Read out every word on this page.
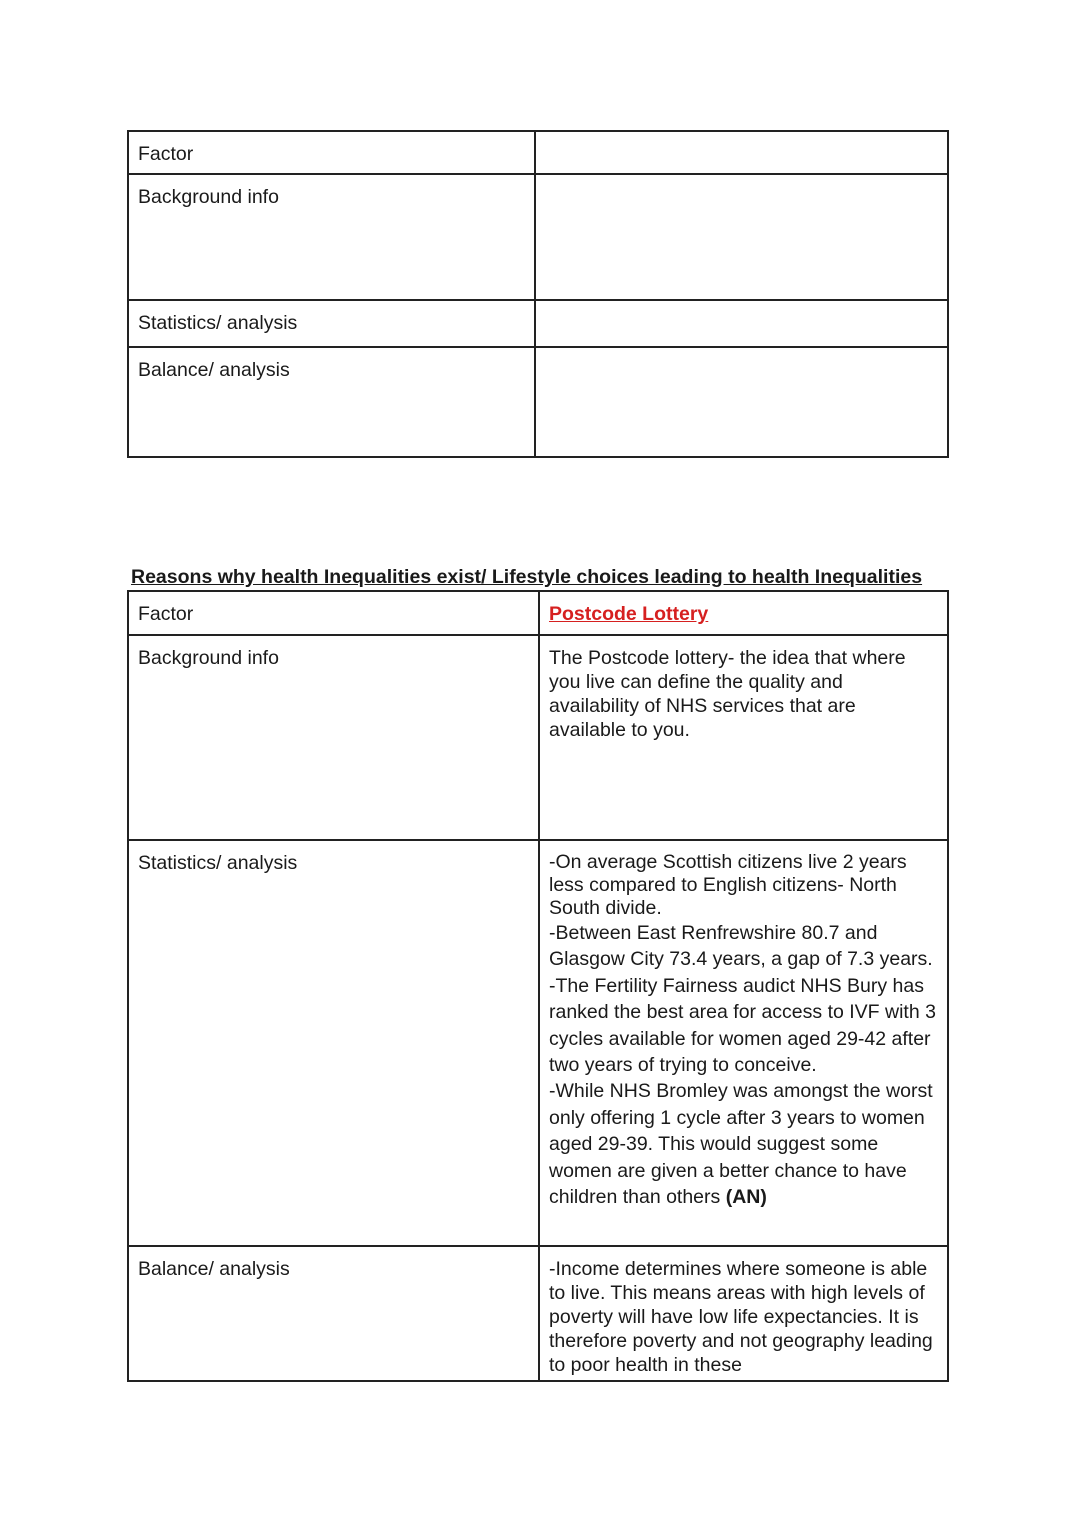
Factor	
Background info	
Statistics/ analysis	
Balance/ analysis	
Reasons why health Inequalities exist/ Lifestyle choices leading to health Inequalities
Factor	Postcode Lottery
Background info	The Postcode lottery- the idea that where you live can define the quality and availability of NHS services that are available to you.
Statistics/ analysis	-On average Scottish citizens live 2 years less compared to English citizens- North South divide.
-Between East Renfrewshire 80.7 and Glasgow City 73.4 years, a gap of 7.3 years.
-The Fertility Fairness audict NHS Bury has ranked the best area for access to IVF with 3 cycles available for women aged 29-42 after two years of trying to conceive.
-While NHS Bromley was amongst the worst only offering 1 cycle after 3 years to women aged 29-39. This would suggest some women are given a better chance to have children than others (AN)

Balance/ analysis	-Income determines where someone is able to live. This means areas with high levels of poverty will have low life expectancies. It is therefore poverty and not geography leading to poor health in these
